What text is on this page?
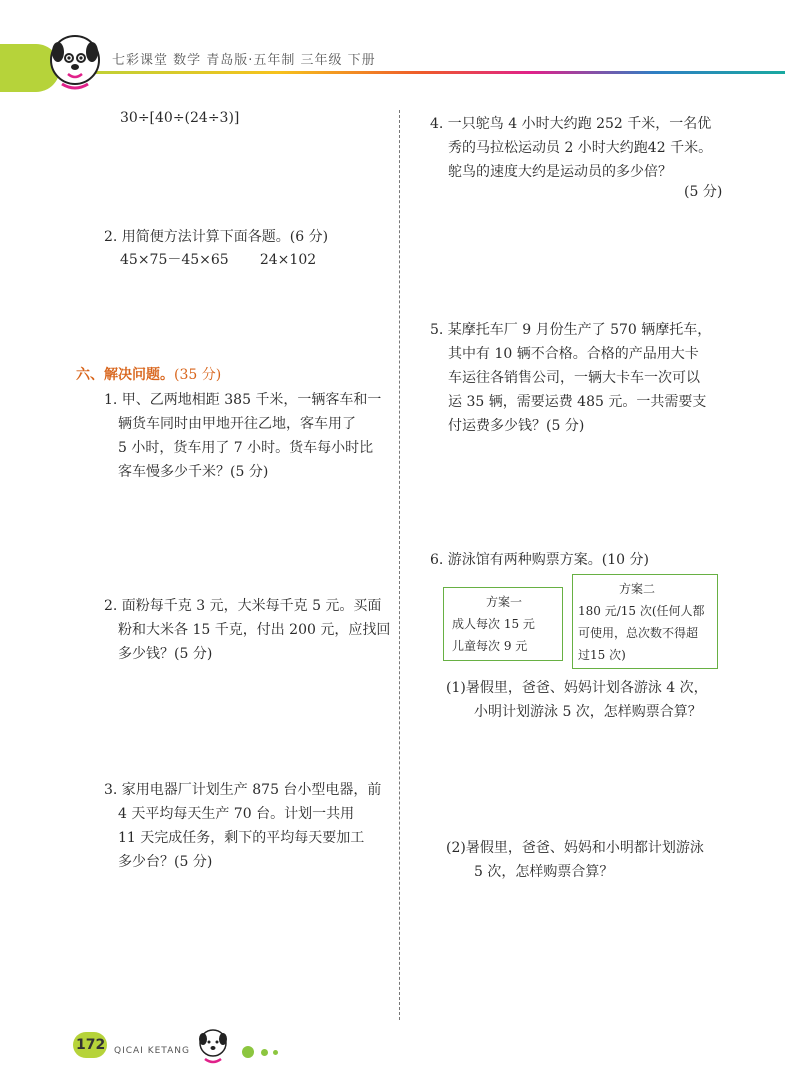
七彩课堂 数学 青岛版·五年制 三年级 下册
30÷[40÷(24÷3)]
2. 用简便方法计算下面各题。(6 分)
45×75－45×65       24×102
六、解决问题。(35 分)
1. 甲、乙两地相距 385 千米，一辆客车和一
辆货车同时由甲地开往乙地，客车用了
5 小时，货车用了 7 小时。货车每小时比
客车慢多少千米？(5 分)
2. 面粉每千克 3 元，大米每千克 5 元。买面
粉和大米各 15 千克，付出 200 元，应找回
多少钱？(5 分)
3. 家用电器厂计划生产 875 台小型电器，前
4 天平均每天生产 70 台。计划一共用
11 天完成任务，剩下的平均每天要加工
多少台？(5 分)
4. 一只鸵鸟 4 小时大约跑 252 千米，一名优
秀的马拉松运动员 2 小时大约跑42 千米。
鸵鸟的速度大约是运动员的多少倍？
(5 分)
5. 某摩托车厂 9 月份生产了 570 辆摩托车，
其中有 10 辆不合格。合格的产品用大卡
车运往各销售公司，一辆大卡车一次可以
运 35 辆，需要运费 485 元。一共需要支
付运费多少钱？(5 分)
6. 游泳馆有两种购票方案。(10 分)
方案一
成人每次 15 元
儿童每次 9 元
方案二
180 元/15 次(任何人都
可使用，总次数不得超
过15 次)
(1)暑假里，爸爸、妈妈计划各游泳 4 次，
小明计划游泳 5 次，怎样购票合算？
(2)暑假里，爸爸、妈妈和小明都计划游泳
5 次，怎样购票合算？
172 QICAI KETANG
